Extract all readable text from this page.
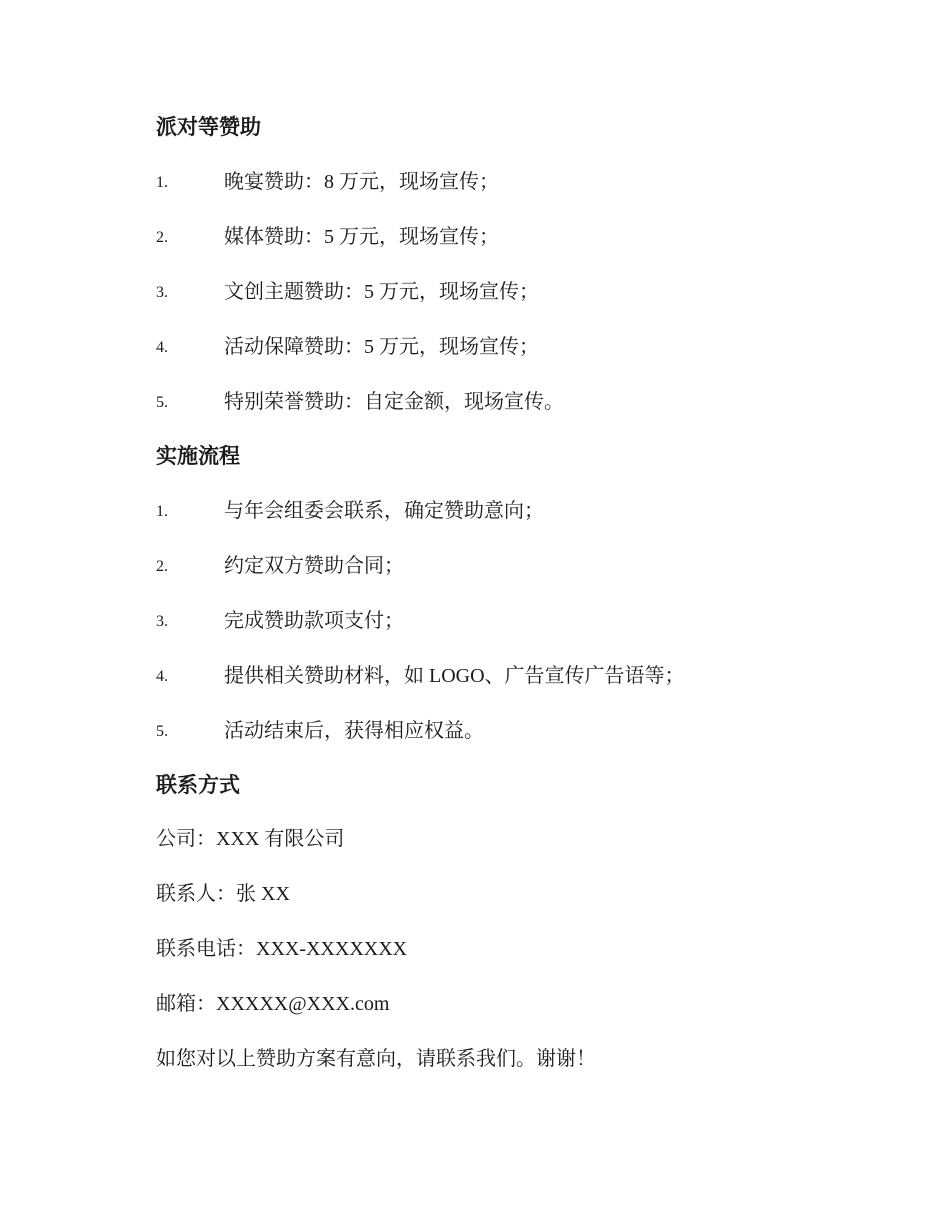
派对等赞助
1.	晚宴赞助：8 万元，现场宣传；
2.	媒体赞助：5 万元，现场宣传；
3.	文创主题赞助：5 万元，现场宣传；
4.	活动保障赞助：5 万元，现场宣传；
5.	特别荣誉赞助：自定金额，现场宣传。
实施流程
1.	与年会组委会联系，确定赞助意向；
2.	约定双方赞助合同；
3.	完成赞助款项支付；
4.	提供相关赞助材料，如 LOGO、广告宣传广告语等；
5.	活动结束后，获得相应权益。
联系方式
公司：XXX 有限公司
联系人：张 XX
联系电话：XXX-XXXXXXX
邮箱：XXXXX@XXX.com
如您对以上赞助方案有意向，请联系我们。谢谢！
